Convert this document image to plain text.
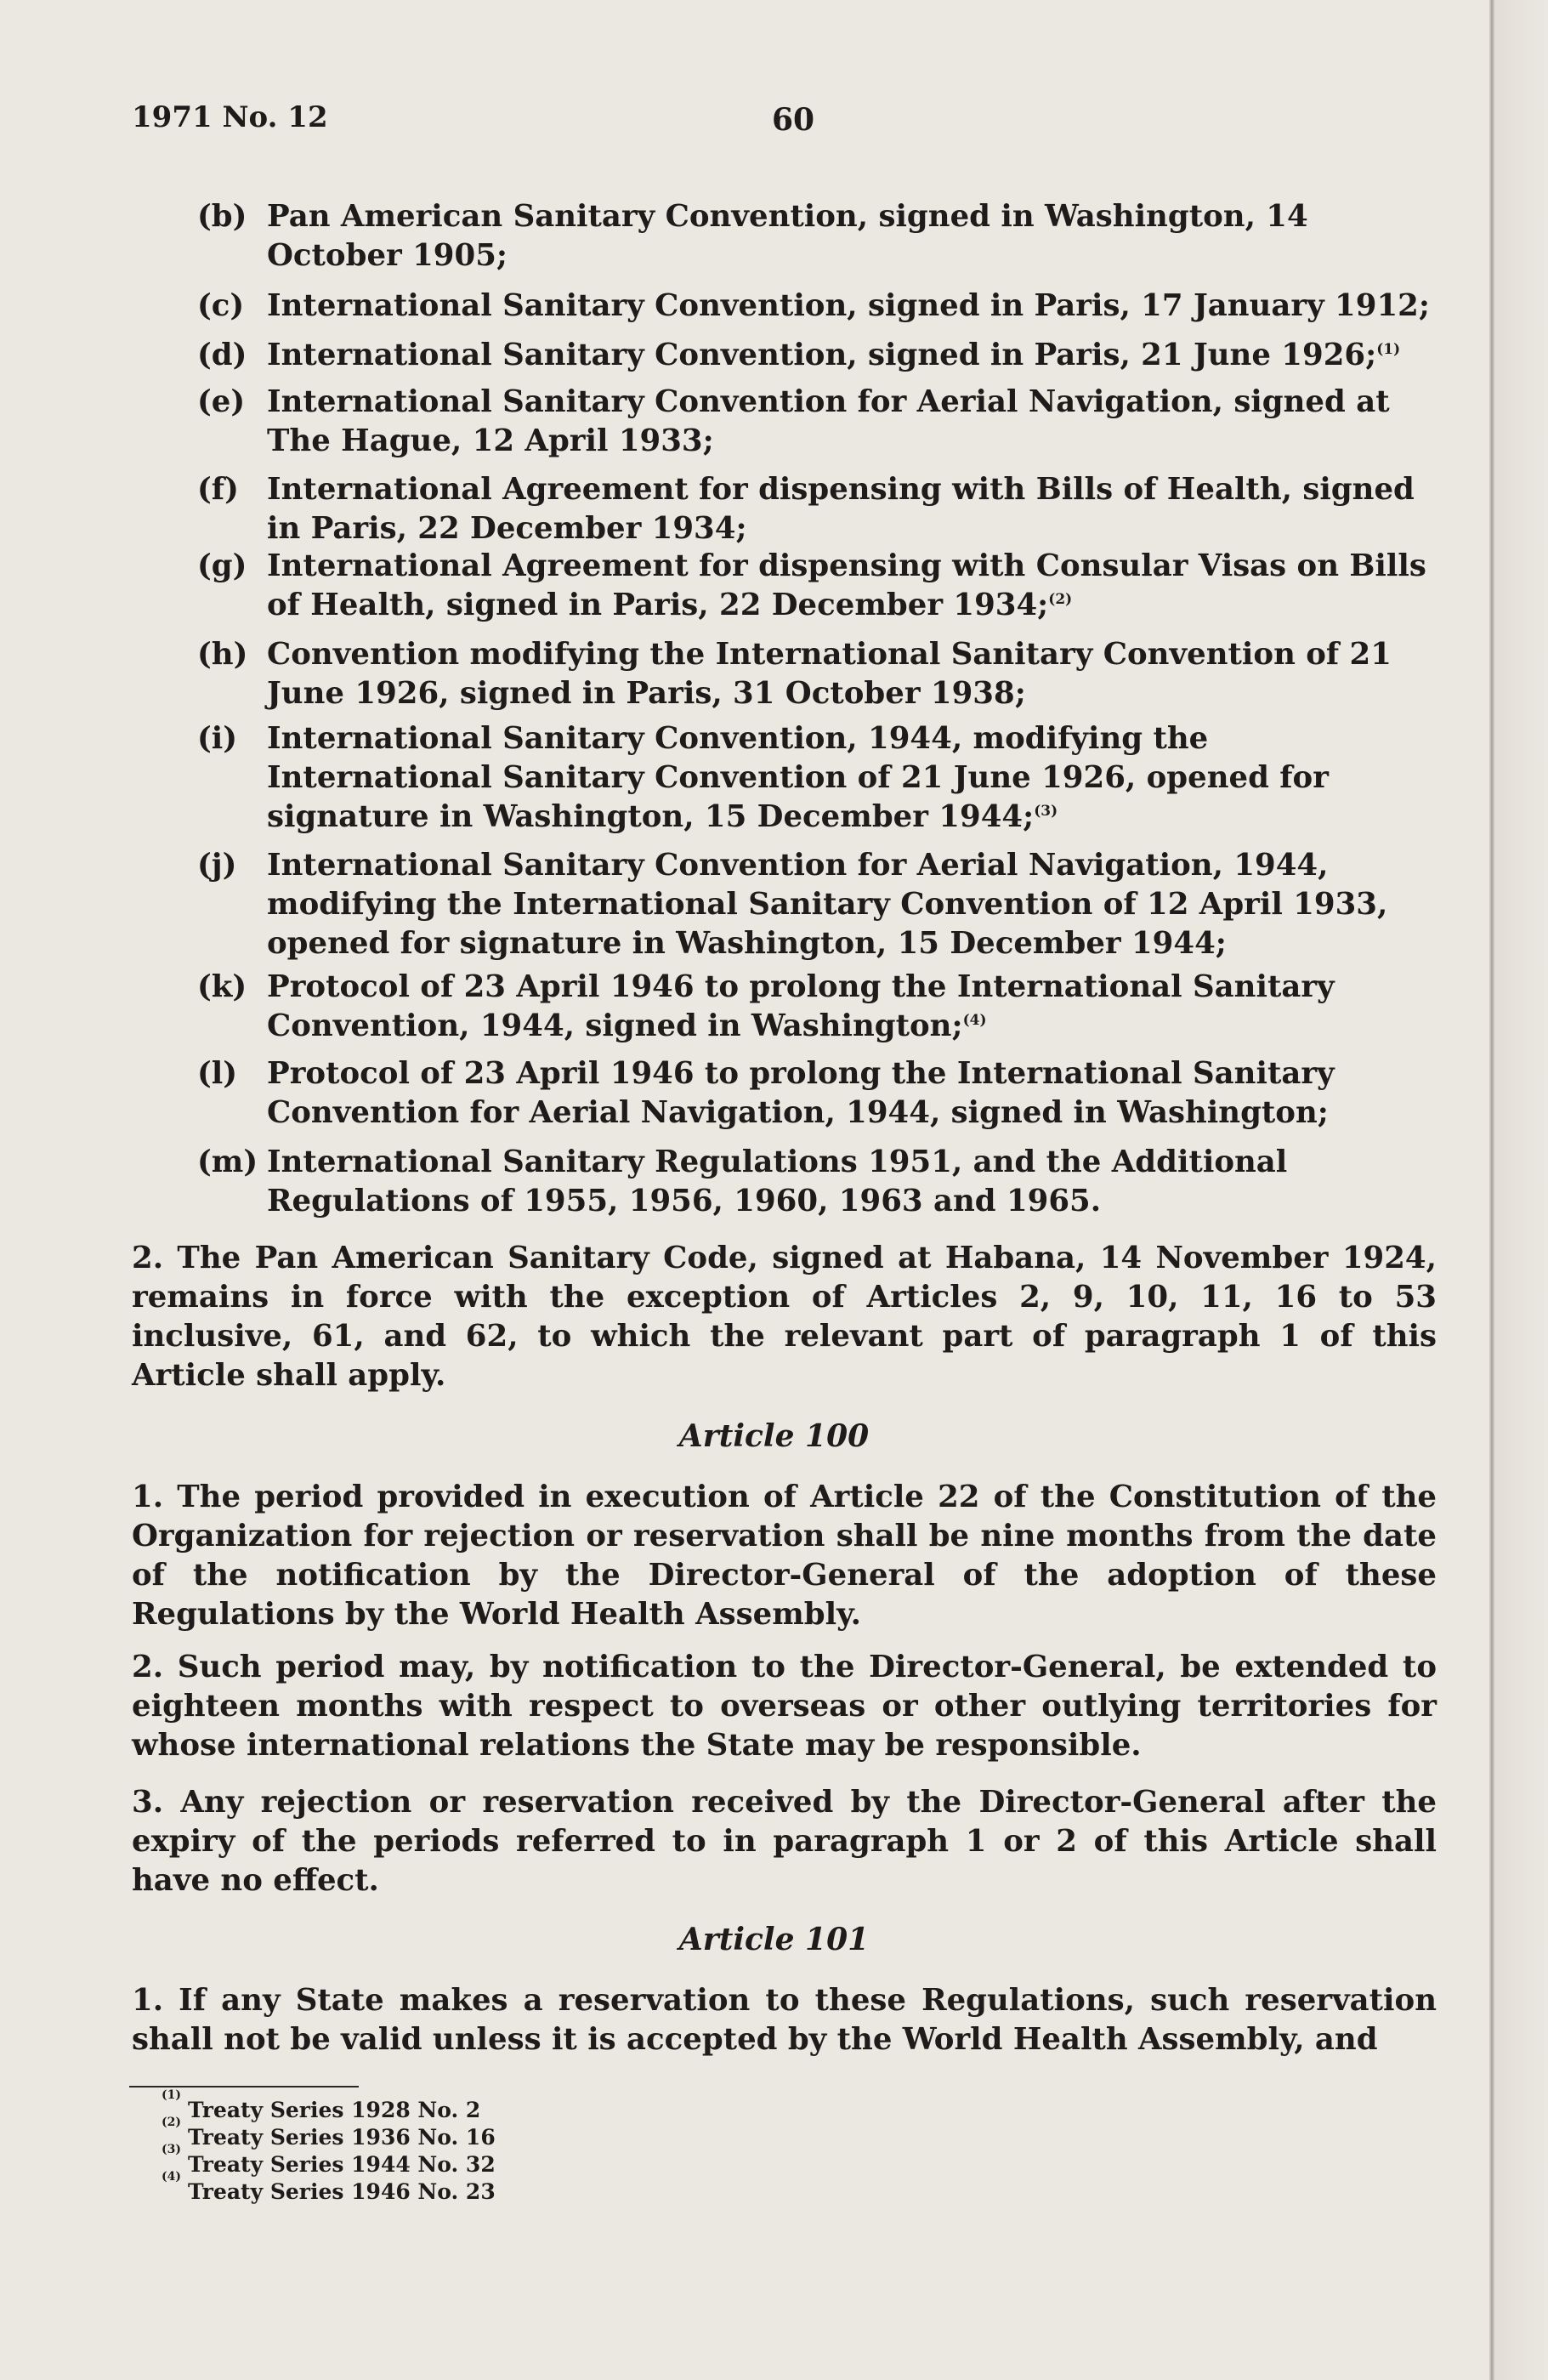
1971 No. 12	60
(b) Pan American Sanitary Convention, signed in Washington, 14 October 1905;
(c) International Sanitary Convention, signed in Paris, 17 January 1912;
(d) International Sanitary Convention, signed in Paris, 21 June 1926;$^{(1)}$
(e) International Sanitary Convention for Aerial Navigation, signed at The Hague, 12 April 1933;
(f) International Agreement for dispensing with Bills of Health, signed in Paris, 22 December 1934;
(g) International Agreement for dispensing with Consular Visas on Bills of Health, signed in Paris, 22 December 1934;$^{(2)}$
(h) Convention modifying the International Sanitary Convention of 21 June 1926, signed in Paris, 31 October 1938;
(i) International Sanitary Convention, 1944, modifying the International Sanitary Convention of 21 June 1926, opened for signature in Washington, 15 December 1944;$^{(3)}$
(j) International Sanitary Convention for Aerial Navigation, 1944, modifying the International Sanitary Convention of 12 April 1933, opened for signature in Washington, 15 December 1944;
(k) Protocol of 23 April 1946 to prolong the International Sanitary Convention, 1944, signed in Washington;$^{(4)}$
(l) Protocol of 23 April 1946 to prolong the International Sanitary Convention for Aerial Navigation, 1944, signed in Washington;
(m) International Sanitary Regulations 1951, and the Additional Regulations of 1955, 1956, 1960, 1963 and 1965.
2. The Pan American Sanitary Code, signed at Habana, 14 November 1924, remains in force with the exception of Articles 2, 9, 10, 11, 16 to 53 inclusive, 61, and 62, to which the relevant part of paragraph 1 of this Article shall apply.
Article 100
1. The period provided in execution of Article 22 of the Constitution of the Organization for rejection or reservation shall be nine months from the date of the notification by the Director-General of the adoption of these Regulations by the World Health Assembly.
2. Such period may, by notification to the Director-General, be extended to eighteen months with respect to overseas or other outlying territories for whose international relations the State may be responsible.
3. Any rejection or reservation received by the Director-General after the expiry of the periods referred to in paragraph 1 or 2 of this Article shall have no effect.
Article 101
1. If any State makes a reservation to these Regulations, such reservation shall not be valid unless it is accepted by the World Health Assembly, and
$^{(1)}$
Treaty Series 1928 No. 2
$^{(2)}$
Treaty Series 1936 No. 16
$^{(3)}$
Treaty Series 1944 No. 32
$^{(4)}$
Treaty Series 1946 No. 23
